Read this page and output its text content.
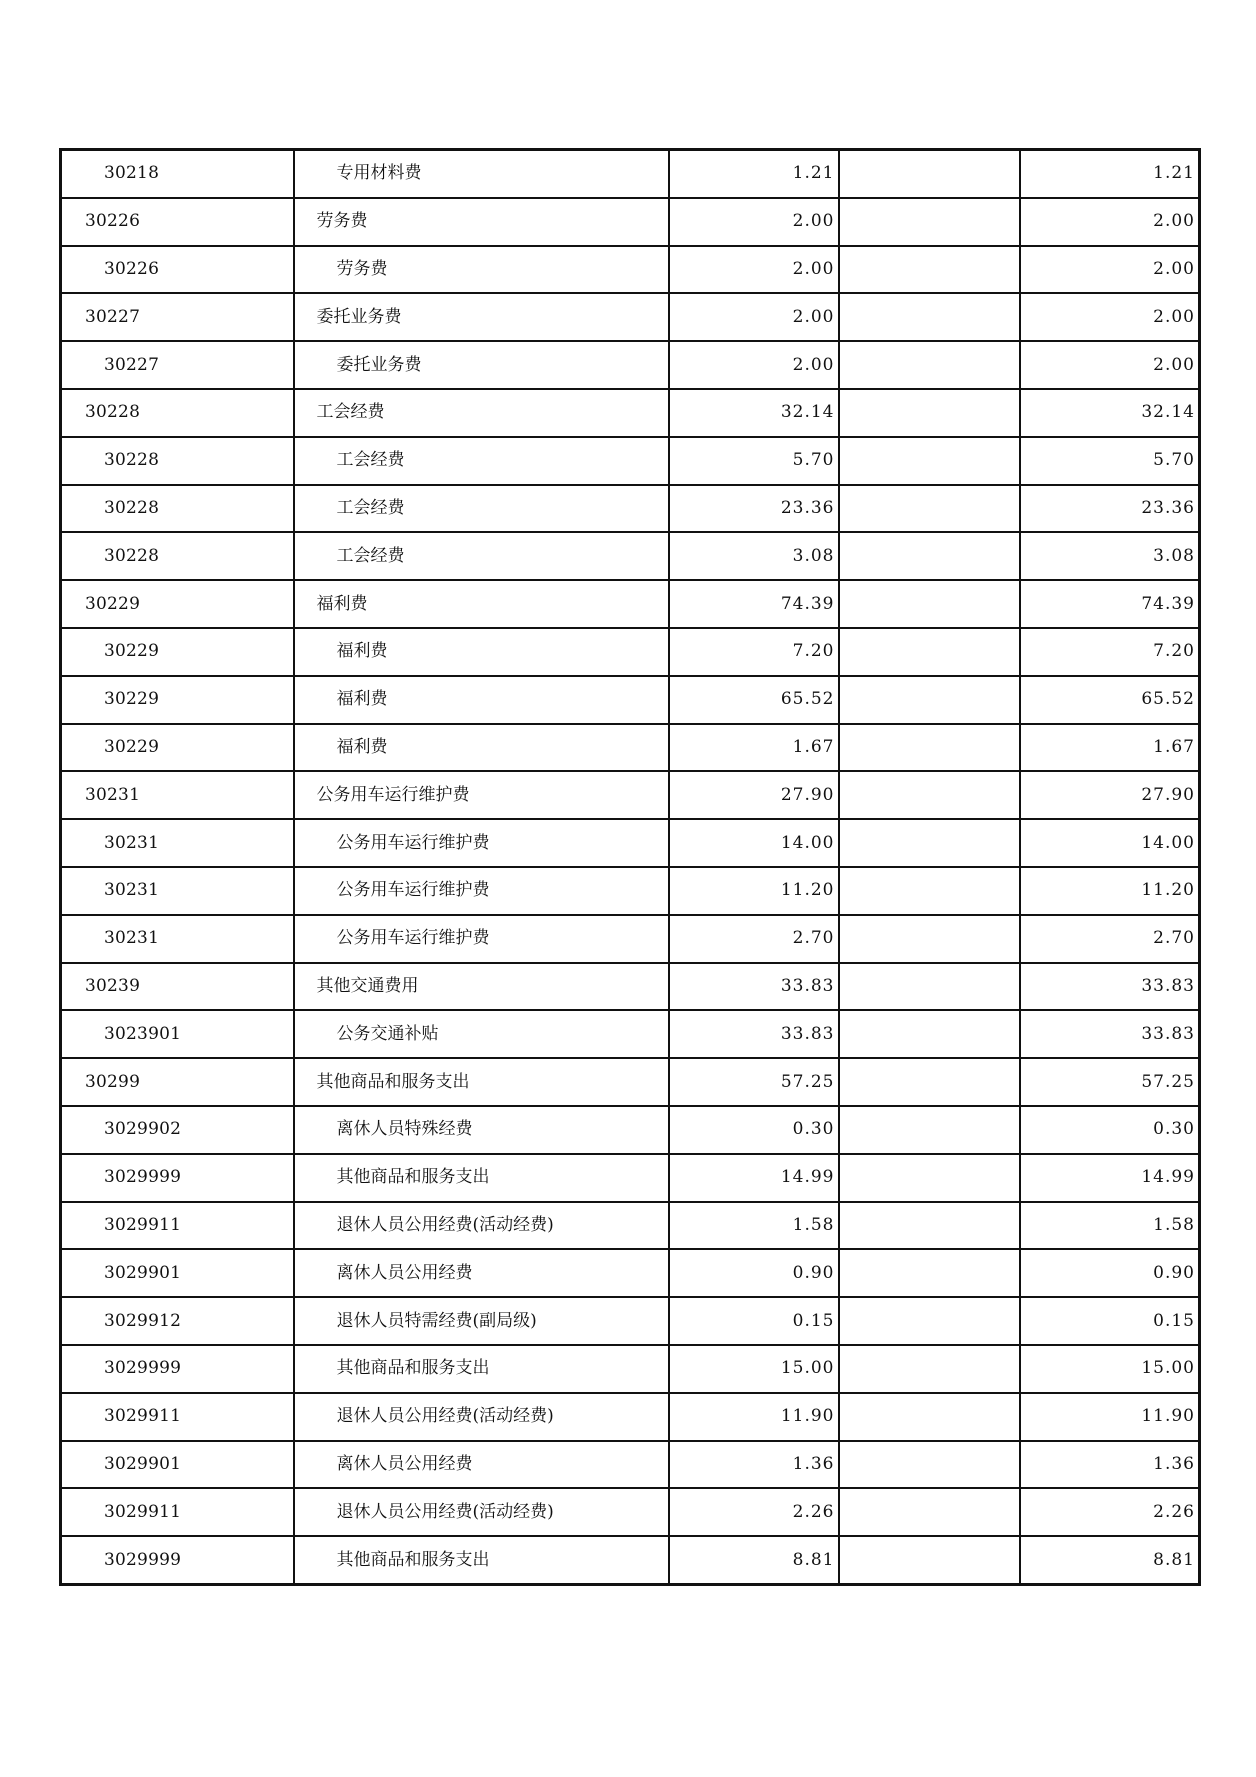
30218	专用材料费	1.21		1.21
30226	劳务费	2.00		2.00
30226	劳务费	2.00		2.00
30227	委托业务费	2.00		2.00
30227	委托业务费	2.00		2.00
30228	工会经费	32.14		32.14
30228	工会经费	5.70		5.70
30228	工会经费	23.36		23.36
30228	工会经费	3.08		3.08
30229	福利费	74.39		74.39
30229	福利费	7.20		7.20
30229	福利费	65.52		65.52
30229	福利费	1.67		1.67
30231	公务用车运行维护费	27.90		27.90
30231	公务用车运行维护费	14.00		14.00
30231	公务用车运行维护费	11.20		11.20
30231	公务用车运行维护费	2.70		2.70
30239	其他交通费用	33.83		33.83
3023901	公务交通补贴	33.83		33.83
30299	其他商品和服务支出	57.25		57.25
3029902	离休人员特殊经费	0.30		0.30
3029999	其他商品和服务支出	14.99		14.99
3029911	退休人员公用经费(活动经费)	1.58		1.58
3029901	离休人员公用经费	0.90		0.90
3029912	退休人员特需经费(副局级)	0.15		0.15
3029999	其他商品和服务支出	15.00		15.00
3029911	退休人员公用经费(活动经费)	11.90		11.90
3029901	离休人员公用经费	1.36		1.36
3029911	退休人员公用经费(活动经费)	2.26		2.26
3029999	其他商品和服务支出	8.81		8.81
